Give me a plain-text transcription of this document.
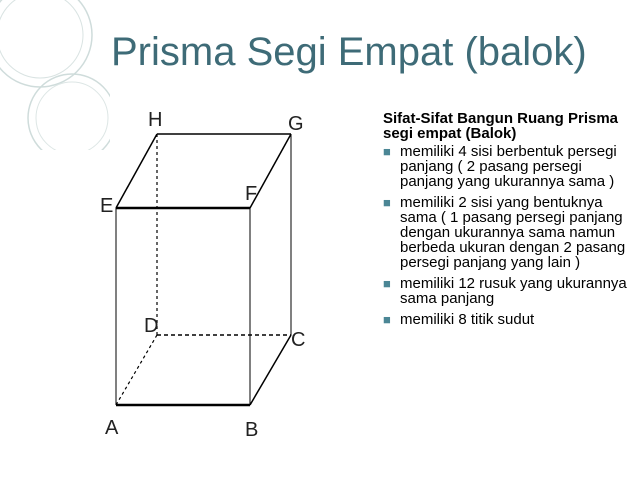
Prisma Segi Empat (balok)
H	G
E
F
D
C
A	B

Sifat-Sifat Bangun Ruang Prisma segi empat (Balok)

■ memiliki 4 sisi berbentuk persegi panjang ( 2 pasang persegi panjang yang ukurannya sama )
■ memiliki 2 sisi yang bentuknya sama ( 1 pasang persegi panjang dengan ukurannya sama namun berbeda ukuran dengan 2 pasang persegi panjang yang lain )
■ memiliki 12 rusuk yang ukurannya sama panjang
■ memiliki 8 titik sudut
